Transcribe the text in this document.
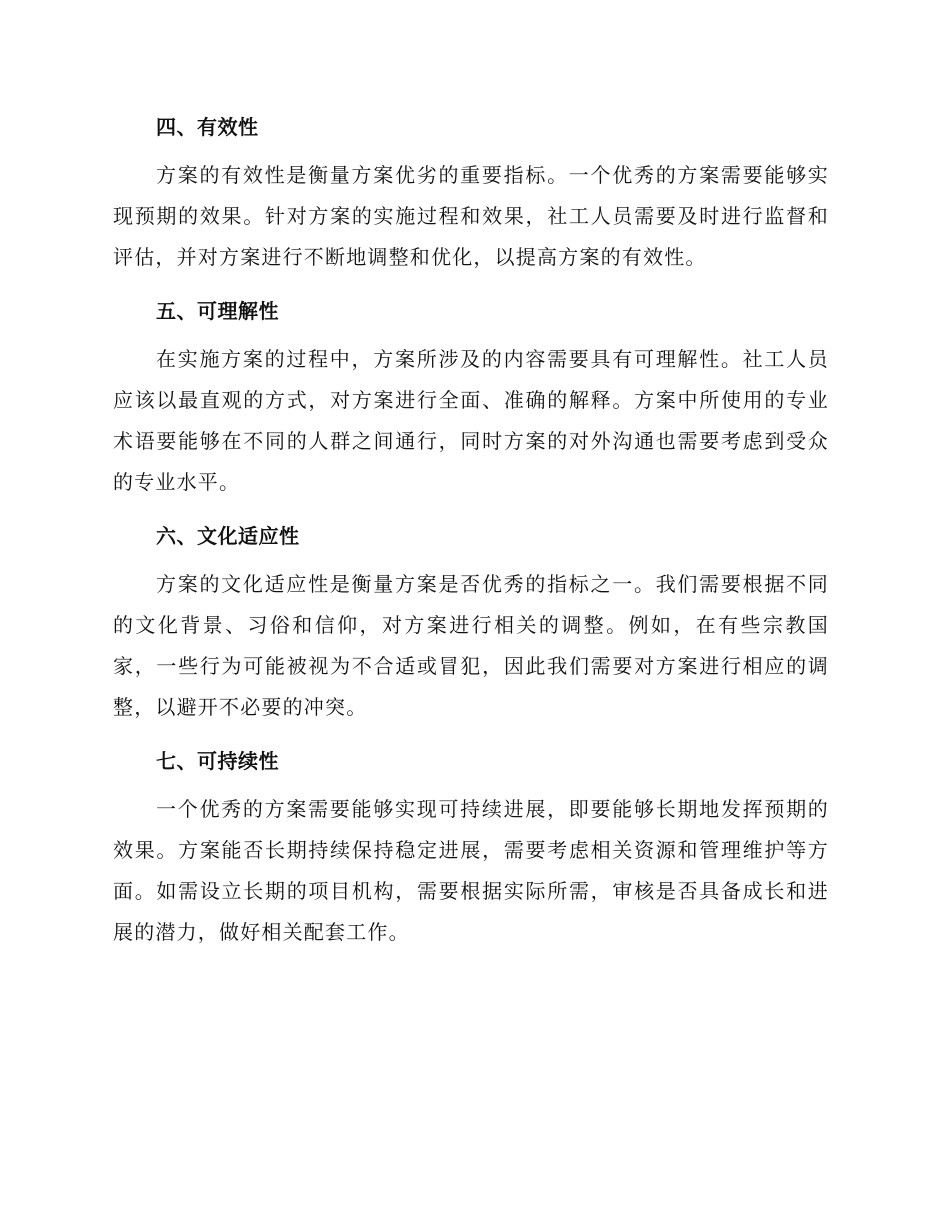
四、有效性

方案的有效性是衡量方案优劣的重要指标。一个优秀的方案需要能够实现预期的效果。针对方案的实施过程和效果，社工人员需要及时进行监督和评估，并对方案进行不断地调整和优化，以提高方案的有效性。

五、可理解性

在实施方案的过程中，方案所涉及的内容需要具有可理解性。社工人员应该以最直观的方式，对方案进行全面、准确的解释。方案中所使用的专业术语要能够在不同的人群之间通行，同时方案的对外沟通也需要考虑到受众的专业水平。

六、文化适应性

方案的文化适应性是衡量方案是否优秀的指标之一。我们需要根据不同的文化背景、习俗和信仰，对方案进行相关的调整。例如，在有些宗教国家，一些行为可能被视为不合适或冒犯，因此我们需要对方案进行相应的调整，以避开不必要的冲突。

七、可持续性

一个优秀的方案需要能够实现可持续进展，即要能够长期地发挥预期的效果。方案能否长期持续保持稳定进展，需要考虑相关资源和管理维护等方面。如需设立长期的项目机构，需要根据实际所需，审核是否具备成长和进展的潜力，做好相关配套工作。
